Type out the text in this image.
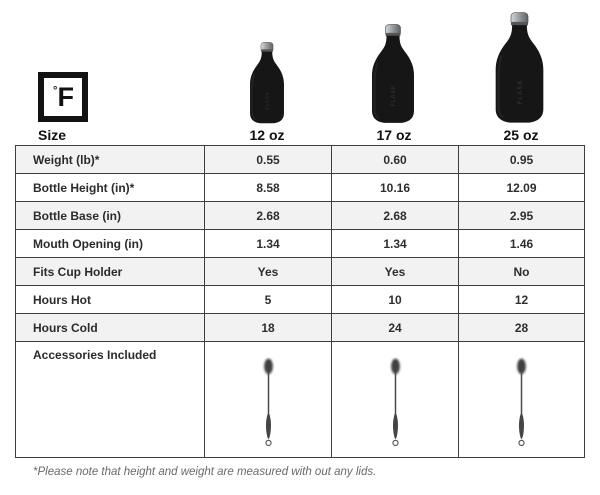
° F
Size
FLASK	FLASK	FLASK
12 oz	17 oz	25 oz
Weight (lb)*	0.55	0.60	0.95
Bottle Height (in)*	8.58	10.16	12.09
Bottle Base (in)	2.68	2.68	2.95
Mouth Opening (in)	1.34	1.34	1.46
Fits Cup Holder	Yes	Yes	No
Hours Hot	5	10	12
Hours Cold	18	24	28
Accessories Included
*Please note that height and weight are measured with out any lids.
